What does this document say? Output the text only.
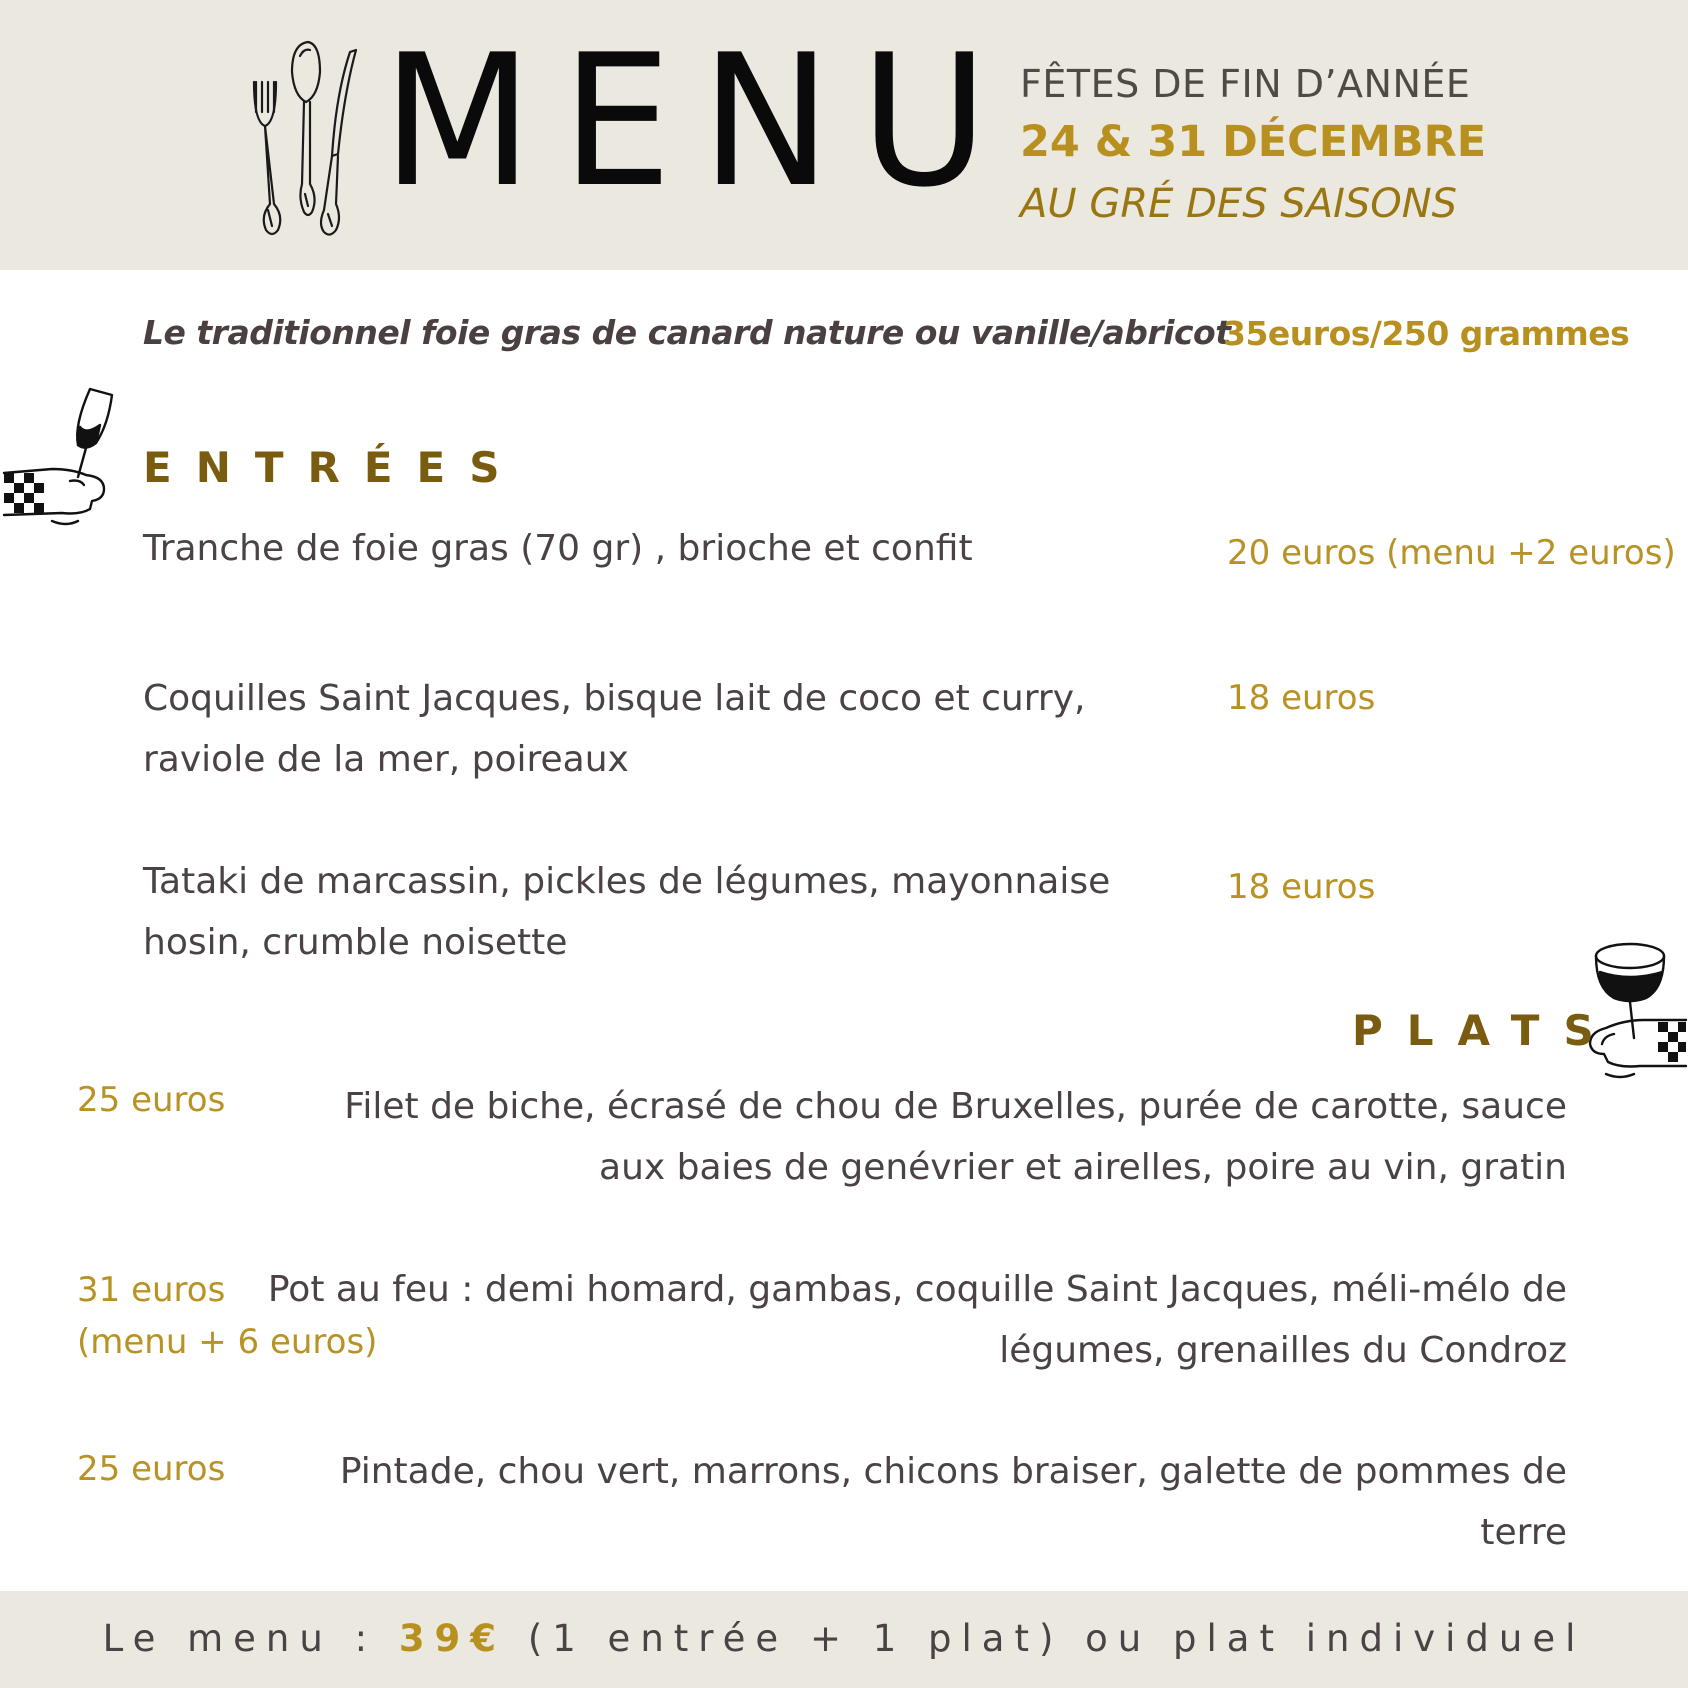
MENU FÊTES DE FIN D’ANNÉE
24 & 31 DÉCEMBRE
AU GRÉ DES SAISONS
Le traditionnel foie gras de canard nature ou vanille/abricot
35euros/250 grammes
ENTRÉES
Tranche de foie gras (70 gr) , brioche et confit	20 euros (menu +2 euros)
Coquilles Saint Jacques, bisque lait de coco et curry, raviole de la mer, poireaux
18 euros
Tataki de marcassin, pickles de légumes, mayonnaise hosin, crumble noisette
18 euros
PLATS
Filet de biche, écrasé de chou de Bruxelles, purée de carotte, sauce aux baies de genévrier et airelles, poire au vin, gratin
25 euros
Pot au feu : demi homard, gambas, coquille Saint Jacques, méli-mélo de légumes, grenailles du Condroz
31 euros
(menu + 6 euros)
Pintade, chou vert, marrons, chicons braiser, galette de pommes de terre
25 euros
Le menu : 39€ (1 entrée + 1 plat) ou plat individuel
